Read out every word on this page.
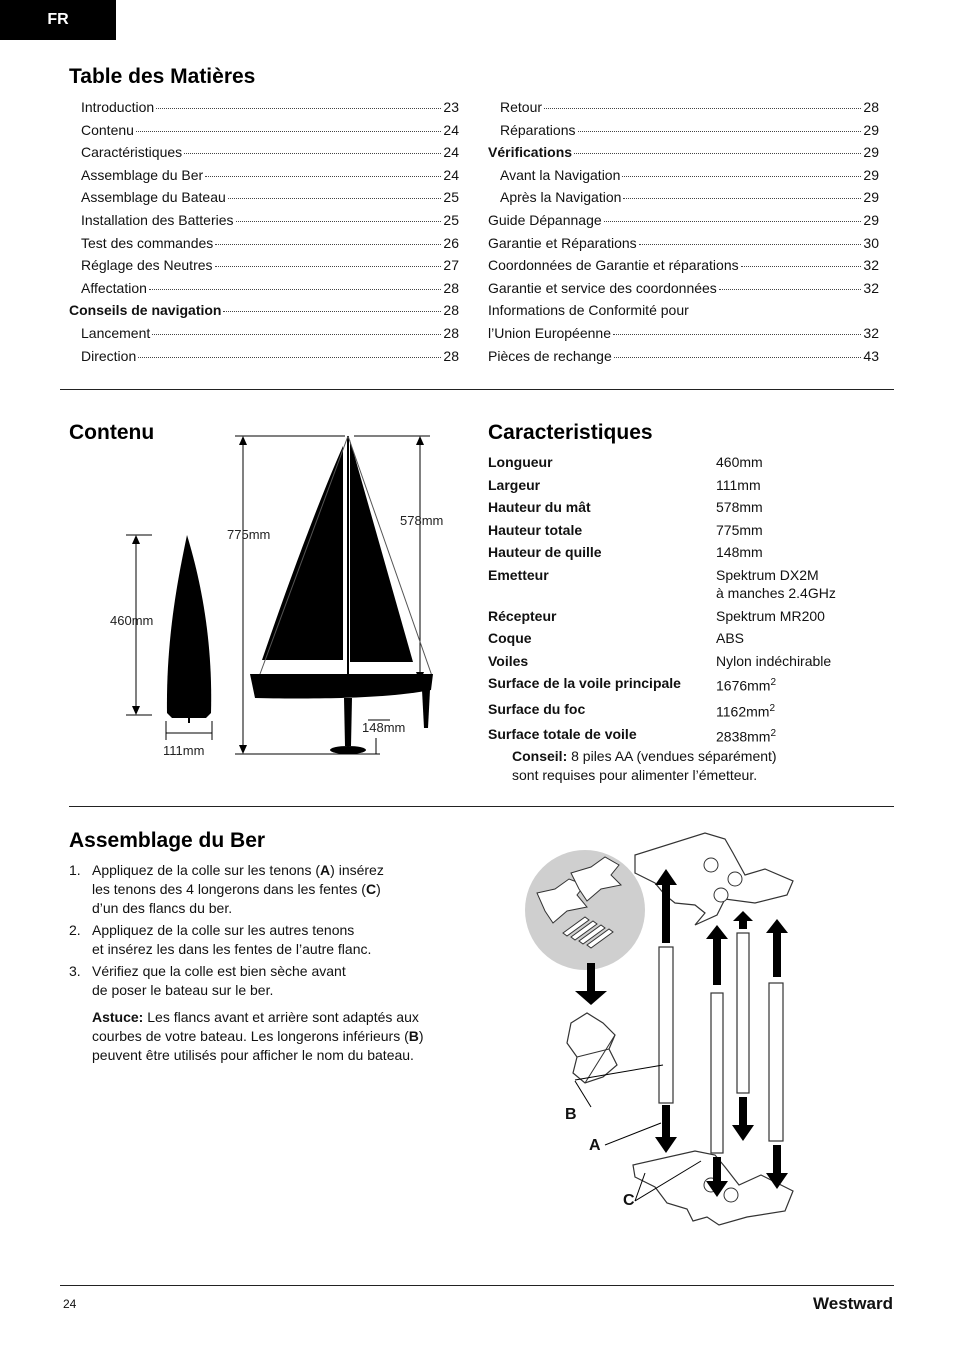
FR
Table des Matières
Introduction	23
Contenu	24
Caractéristiques	24
Assemblage du Ber	24
Assemblage du Bateau	25
Installation des Batteries	25
Test des commandes	26
Réglage des Neutres	27
Affectation	28
Conseils de navigation	28
Lancement	28
Direction	28
Retour	28
Réparations	29
Vérifications	29
Avant la Navigation	29
Après la Navigation	29
Guide Dépannage	29
Garantie et Réparations	30
Coordonnées de Garantie et réparations	32
Garantie et service des coordonnées	32
Informations de Conformité pour
l’Union Européenne	32
Pièces de rechange	43
Contenu
460mm
111mm
775mm
578mm
148mm
Caracteristiques
Longueur	460mm
Largeur	111mm
Hauteur du mât	578mm
Hauteur totale	775mm
Hauteur de quille	148mm
Emetteur	Spektrum DX2M
à manches 2.4GHz
Récepteur	Spektrum MR200
Coque	ABS
Voiles	Nylon indéchirable
Surface de la voile principale	$1676mm^2$
Surface du foc	$1162mm^2$
Surface totale de voile	$2838mm^2$
Conseil: 8 piles AA (vendues séparément)
sont requises pour alimenter l’émetteur.
Assemblage du Ber
1. Appliquez de la colle sur les tenons (A) insérez
les tenons des 4 longerons dans les fentes (C)
d’un des flancs du ber.
2. Appliquez de la colle sur les autres tenons
et insérez les dans les fentes de l’autre flanc.
3. Vérifiez que la colle est bien sèche avant
de poser le bateau sur le ber.
Astuce: Les flancs avant et arrière sont adaptés aux
courbes de votre bateau. Les longerons inférieurs (B)
peuvent être utilisés pour afficher le nom du bateau.
B
A
C
24	Westward
